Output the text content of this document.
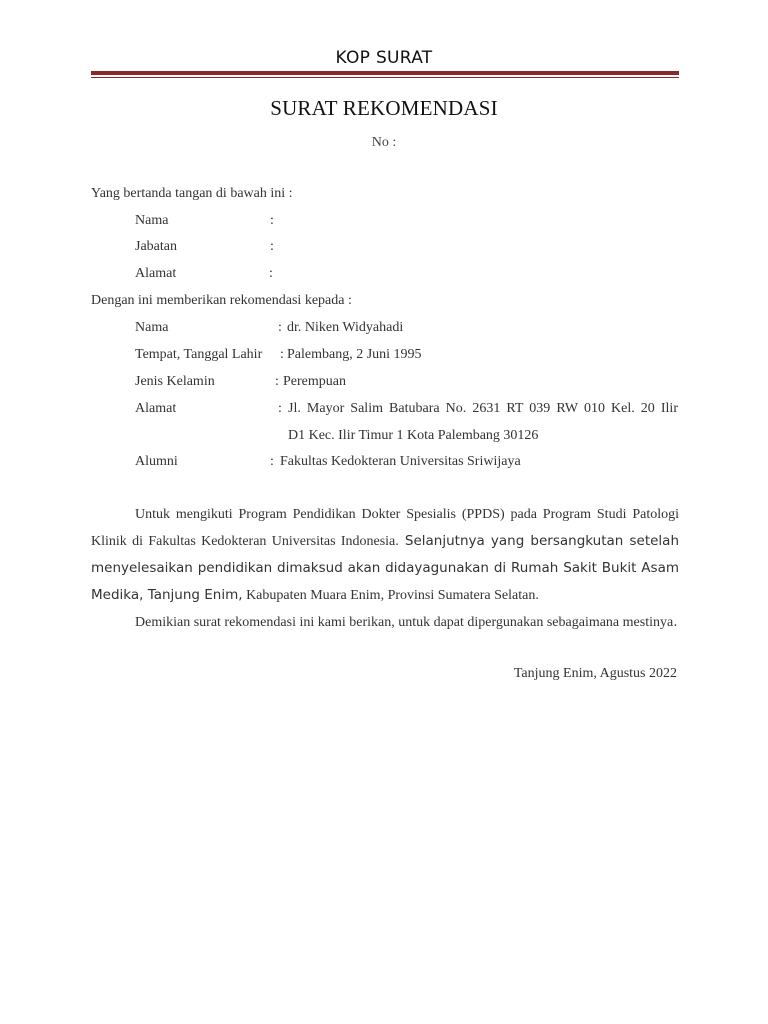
KOP SURAT
SURAT REKOMENDASI
No :
Yang bertanda tangan di bawah ini :
Nama	:
Jabatan	:
Alamat	:
Dengan ini memberikan rekomendasi kepada :
Nama	: dr. Niken Widyahadi
Tempat, Tanggal Lahir : Palembang, 2 Juni 1995
Jenis Kelamin	: Perempuan
Alamat	: Jl. Mayor Salim Batubara No. 2631 RT 039 RW 010 Kel. 20 Ilir
D1 Kec. Ilir Timur 1 Kota Palembang 30126
Alumni	: Fakultas Kedokteran Universitas Sriwijaya
Untuk mengikuti Program Pendidikan Dokter Spesialis (PPDS) pada Program Studi Patologi Klinik di Fakultas Kedokteran Universitas Indonesia. Selanjutnya yang bersangkutan setelah menyelesaikan pendidikan dimaksud akan didayagunakan di Rumah Sakit Bukit Asam Medika, Tanjung Enim, Kabupaten Muara Enim, Provinsi Sumatera Selatan.
Demikian surat rekomendasi ini kami berikan, untuk dapat dipergunakan sebagaimana mestinya.
Tanjung Enim, Agustus 2022
